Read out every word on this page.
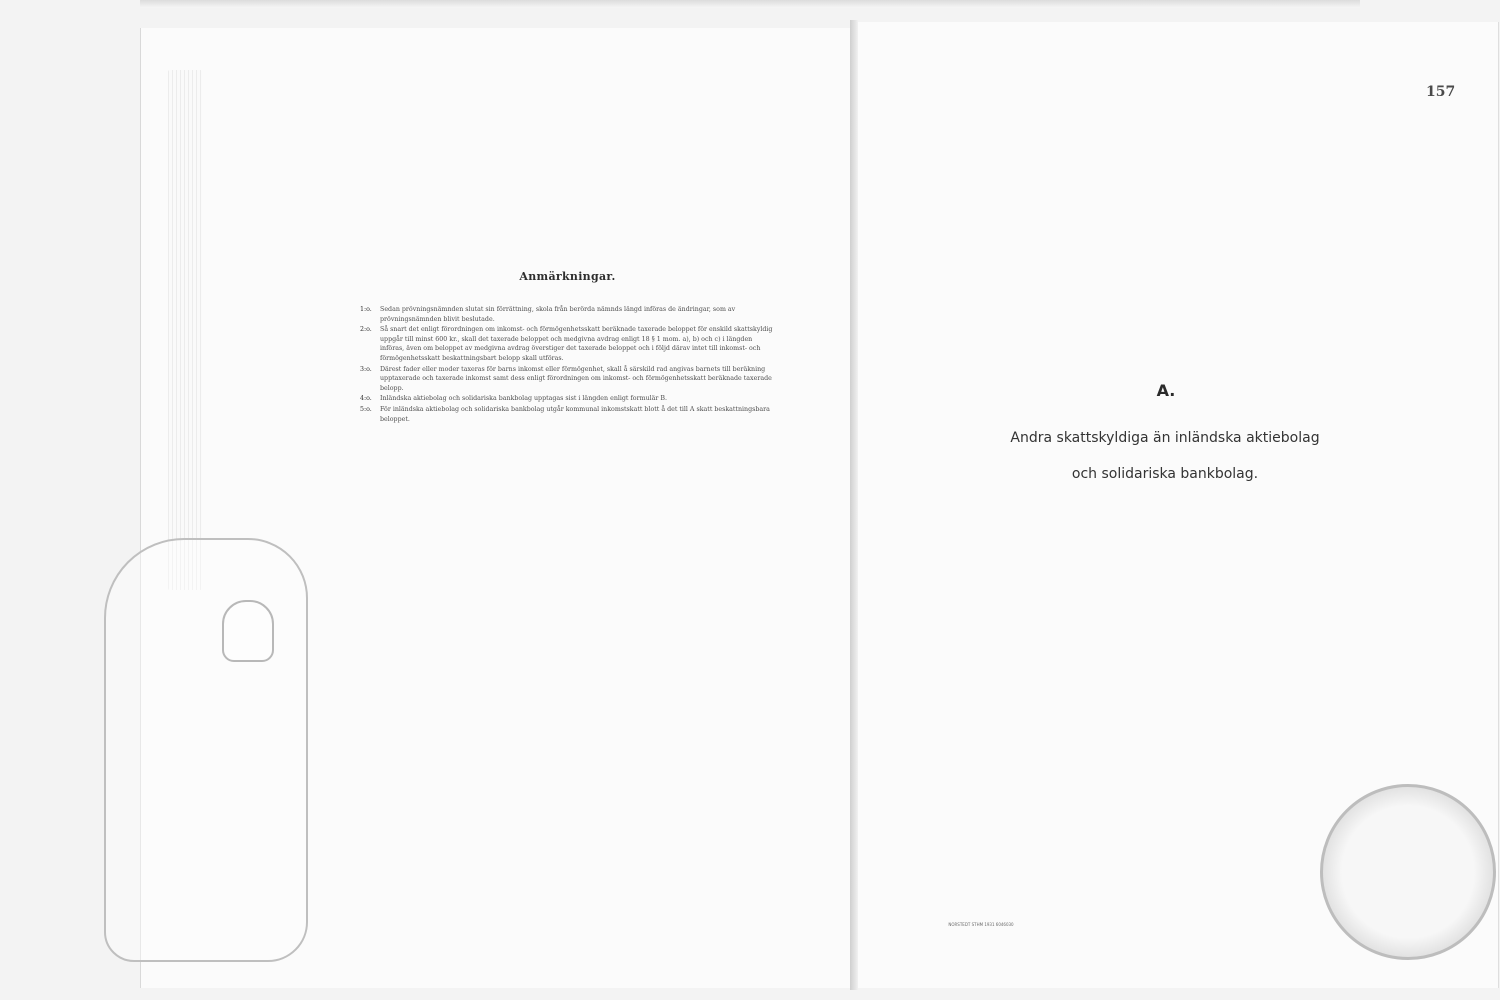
Anmärkningar.
1:o.	Sedan prövningsnämnden slutat sin förrättning, skola från berörda nämnds längd införas de ändringar, som av prövningsnämnden blivit beslutade.
2:o.	Så snart det enligt förordningen om inkomst- och förmögenhetsskatt beräknade taxerade beloppet för enskild skattskyldig uppgår till minst 600 kr., skall det taxerade beloppet och medgivna avdrag enligt 18 § 1 mom. a), b) och c) i längden införas, även om beloppet av medgivna avdrag överstiger det taxerade beloppet och i följd därav intet till inkomst- och förmögenhetsskatt beskattningsbart belopp skall utföras.
3:o.	Därest fader eller moder taxeras för barns inkomst eller förmögenhet, skall å särskild rad angivas barnets till beräkning upptaxerade och taxerade inkomst samt dess enligt förordningen om inkomst- och förmögenhetsskatt beräknade taxerade belopp.
4:o.	Inländska aktiebolag och solidariska bankbolag upptagas sist i längden enligt formulär B.
5:o.	För inländska aktiebolag och solidariska bankbolag utgår kommunal inkomstskatt blott å det till A skatt beskattningsbara beloppet.
157
A.
Andra skattskyldiga än inländska aktiebolag
och solidariska bankbolag.
NORSTEDT STHM 1931 6046030
